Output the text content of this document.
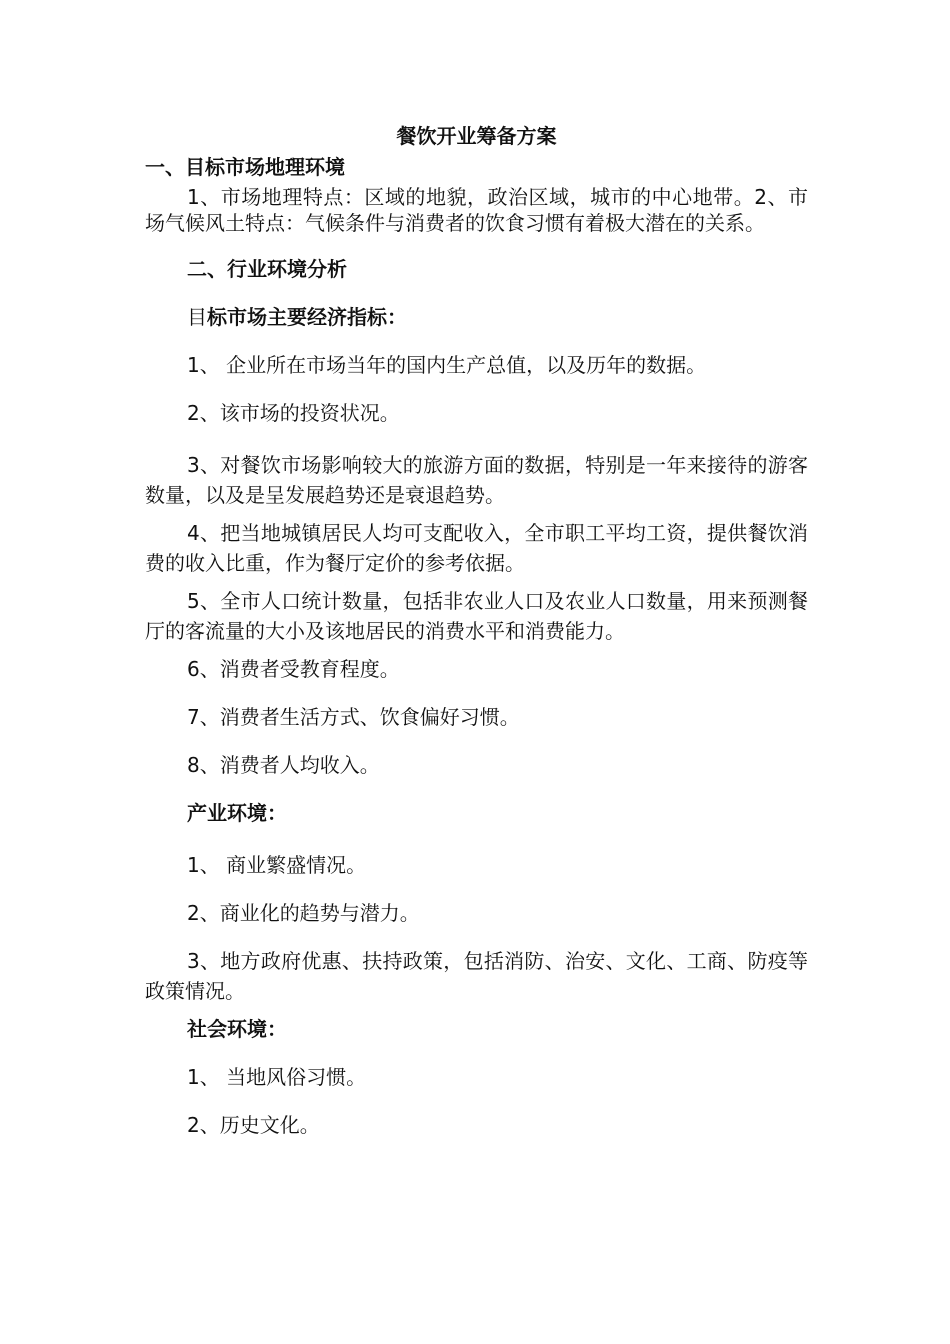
餐饮开业筹备方案

一、目标市场地理环境

1、市场地理特点：区域的地貌，政治区域，城市的中心地带。2、市场气候风土特点：气候条件与消费者的饮食习惯有着极大潜在的关系。

二、行业环境分析

目标市场主要经济指标：

1、 企业所在市场当年的国内生产总值，以及历年的数据。

2、该市场的投资状况。

3、对餐饮市场影响较大的旅游方面的数据，特别是一年来接待的游客数量，以及是呈发展趋势还是衰退趋势。

4、把当地城镇居民人均可支配收入，全市职工平均工资，提供餐饮消费的收入比重，作为餐厅定价的参考依据。

5、全市人口统计数量，包括非农业人口及农业人口数量，用来预测餐厅的客流量的大小及该地居民的消费水平和消费能力。

6、消费者受教育程度。

7、消费者生活方式、饮食偏好习惯。

8、消费者人均收入。

产业环境：

1、 商业繁盛情况。

2、商业化的趋势与潜力。

3、地方政府优惠、扶持政策，包括消防、治安、文化、工商、防疫等政策情况。

社会环境：

1、 当地风俗习惯。

2、历史文化。
